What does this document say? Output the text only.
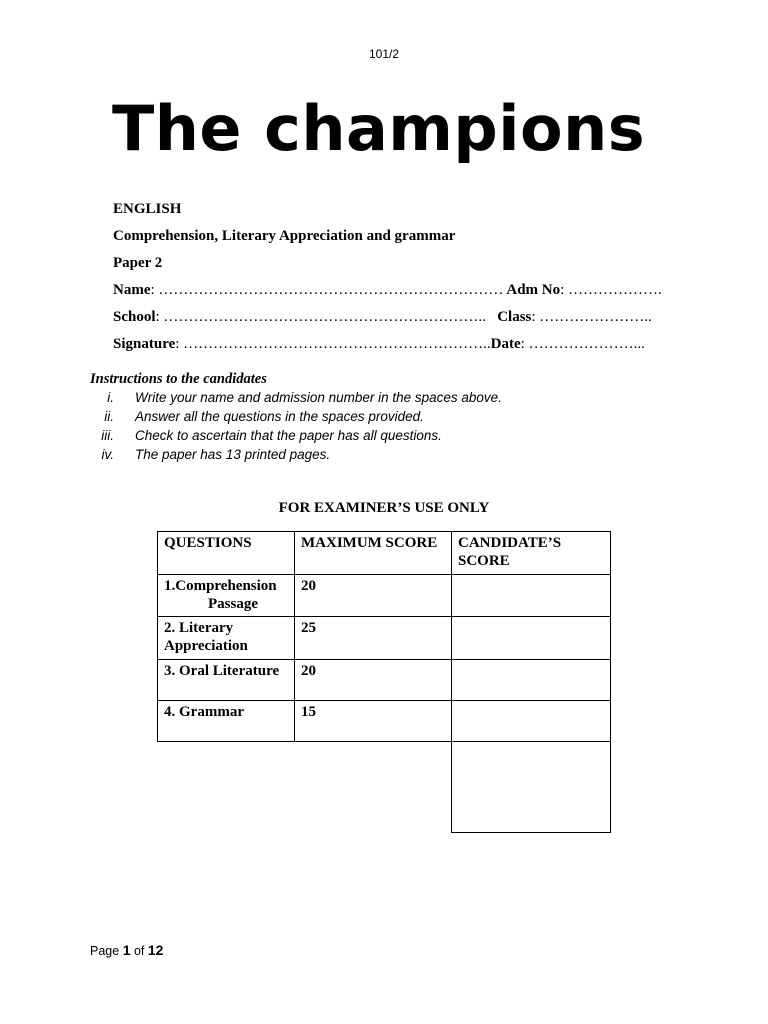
101/2
The champions
ENGLISH
Comprehension, Literary Appreciation and grammar
Paper 2
Name: …………………………………………………………… Adm No: ……………….
School: ……………………………………………………….. Class: …………………..
Signature: ……………………………………………………..Date: …………………...
Instructions to the candidates
i. Write your name and admission number in the spaces above.
ii. Answer all the questions in the spaces provided.
iii. Check to ascertain that the paper has all questions.
iv. The paper has 13 printed pages.
FOR EXAMINER’S USE ONLY
QUESTIONS	MAXIMUM SCORE	CANDIDATE’S SCORE

1.Comprehension
Passage	20	

2. Literary
Appreciation	25	

3. Oral Literature	20	

4. Grammar	15	

Page 1 of 12
